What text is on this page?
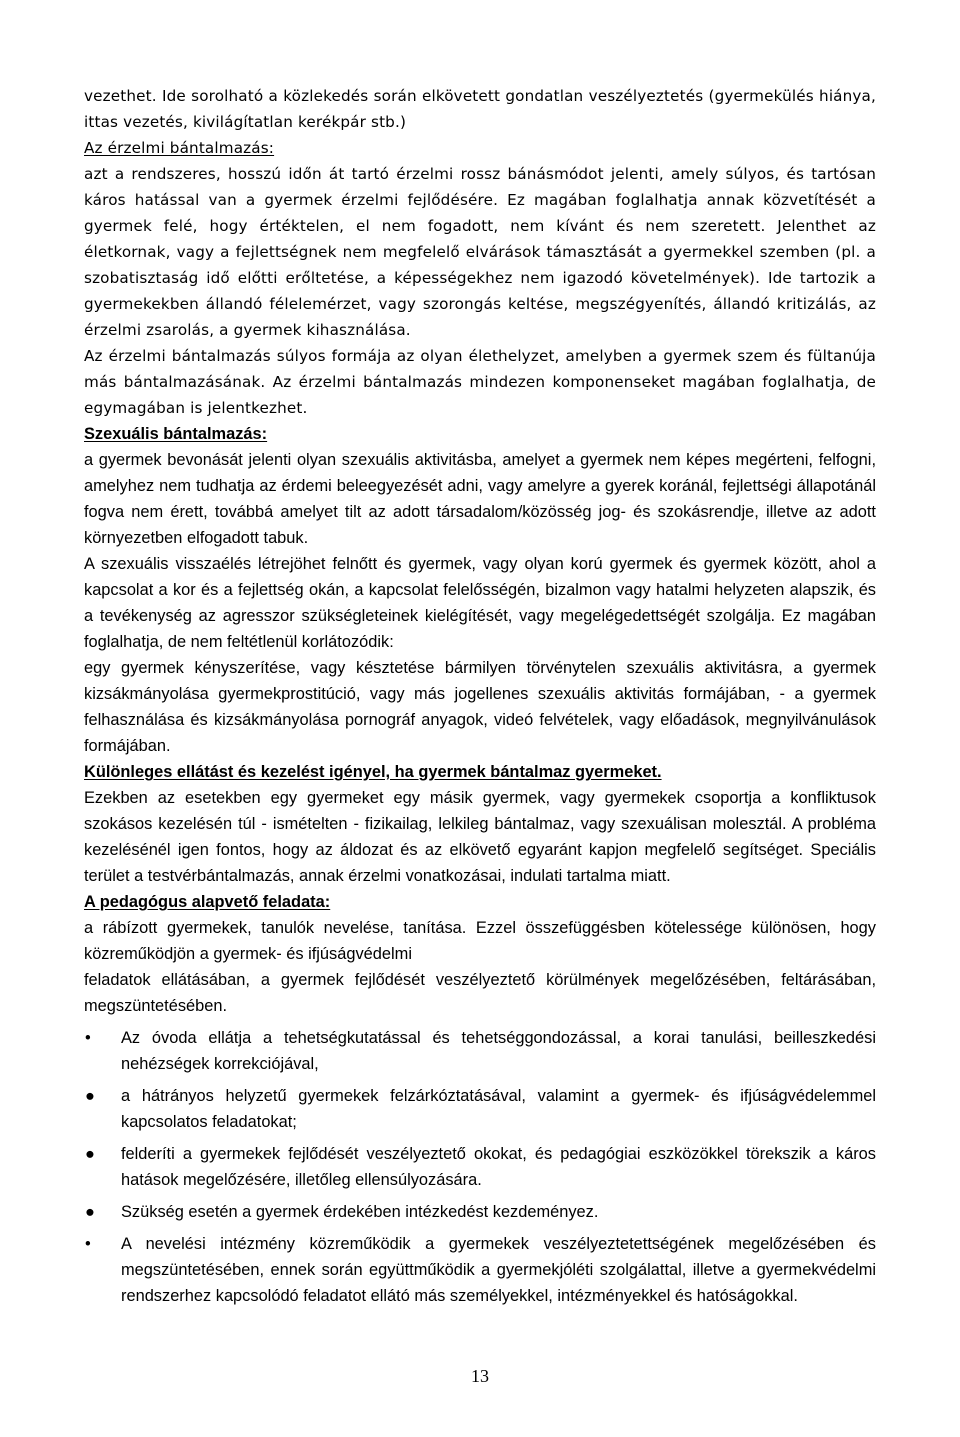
vezethet. Ide sorolható a közlekedés során elkövetett gondatlan veszélyeztetés (gyermekülés hiánya, ittas vezetés, kivilágítatlan kerékpár stb.)

Az érzelmi bántalmazás:

azt a rendszeres, hosszú időn át tartó érzelmi rossz bánásmódot jelenti, amely súlyos, és tartósan káros hatással van a gyermek érzelmi fejlődésére. Ez magában foglalhatja annak közvetítését a gyermek felé, hogy értéktelen, el nem fogadott, nem kívánt és nem szeretett. Jelenthet az életkornak, vagy a fejlettségnek nem megfelelő elvárások támasztását a gyermekkel szemben (pl. a szobatisztaság idő előtti erőltetése, a képességekhez nem igazodó követelmények). Ide tartozik a gyermekekben állandó félelemérzet, vagy szorongás keltése, megszégyenítés, állandó kritizálás, az érzelmi zsarolás, a gyermek kihasználása.

Az érzelmi bántalmazás súlyos formája az olyan élethelyzet, amelyben a gyermek szem és fültanúja más bántalmazásának. Az érzelmi bántalmazás mindezen komponenseket magában foglalhatja, de egymagában is jelentkezhet.

Szexuális bántalmazás:

a gyermek bevonását jelenti olyan szexuális aktivitásba, amelyet a gyermek nem képes megérteni, felfogni, amelyhez nem tudhatja az érdemi beleegyezését adni, vagy amelyre a gyerek koránál, fejlettségi állapotánál fogva nem érett, továbbá amelyet tilt az adott társadalom/közösség jog- és szokásrendje, illetve az adott környezetben elfogadott tabuk.

A szexuális visszaélés létrejöhet felnőtt és gyermek, vagy olyan korú gyermek és gyermek között, ahol a kapcsolat a kor és a fejlettség okán, a kapcsolat felelősségén, bizalmon vagy hatalmi helyzeten alapszik, és a tevékenység az agresszor szükségleteinek kielégítését, vagy megelégedettségét szolgálja. Ez magában foglalhatja, de nem feltétlenül korlátozódik:

egy gyermek kényszerítése, vagy késztetése bármilyen törvénytelen szexuális aktivitásra, a gyermek kizsákmányolása gyermekprostitúció, vagy más jogellenes szexuális aktivitás formájában, - a gyermek felhasználása és kizsákmányolása pornográf anyagok, videó felvételek, vagy előadások, megnyilvánulások formájában.

Különleges ellátást és kezelést igényel, ha gyermek bántalmaz gyermeket.

Ezekben az esetekben egy gyermeket egy másik gyermek, vagy gyermekek csoportja a konfliktusok szokásos kezelésén túl - ismételten - fizikailag, lelkileg bántalmaz, vagy szexuálisan molesztál. A probléma kezelésénél igen fontos, hogy az áldozat és az elkövető egyaránt kapjon megfelelő segítséget. Speciális terület a testvérbántalmazás, annak érzelmi vonatkozásai, indulati tartalma miatt.

A pedagógus alapvető feladata:

a rábízott gyermekek, tanulók nevelése, tanítása. Ezzel összefüggésben kötelessége különösen, hogy közreműködjön a gyermek- és ifjúságvédelmi

feladatok ellátásában, a gyermek fejlődését veszélyeztető körülmények megelőzésében, feltárásában, megszüntetésében.

•	Az óvoda ellátja a tehetségkutatással és tehetséggondozással, a korai tanulási, beilleszkedési nehézségek korrekciójával,
● a hátrányos helyzetű gyermekek felzárkóztatásával, valamint a gyermek- és ifjúságvédelemmel kapcsolatos feladatokat;
● felderíti a gyermekek fejlődését veszélyeztető okokat, és pedagógiai eszközökkel törekszik a káros hatások megelőzésére, illetőleg ellensúlyozására.
● Szükség esetén a gyermek érdekében intézkedést kezdeményez.
•	A nevelési intézmény közreműködik a gyermekek veszélyeztetettségének megelőzésében és megszüntetésében, ennek során együttműködik a gyermekjóléti szolgálattal, illetve a gyermekvédelmi rendszerhez kapcsolódó feladatot ellátó más személyekkel, intézményekkel és hatóságokkal.
13
